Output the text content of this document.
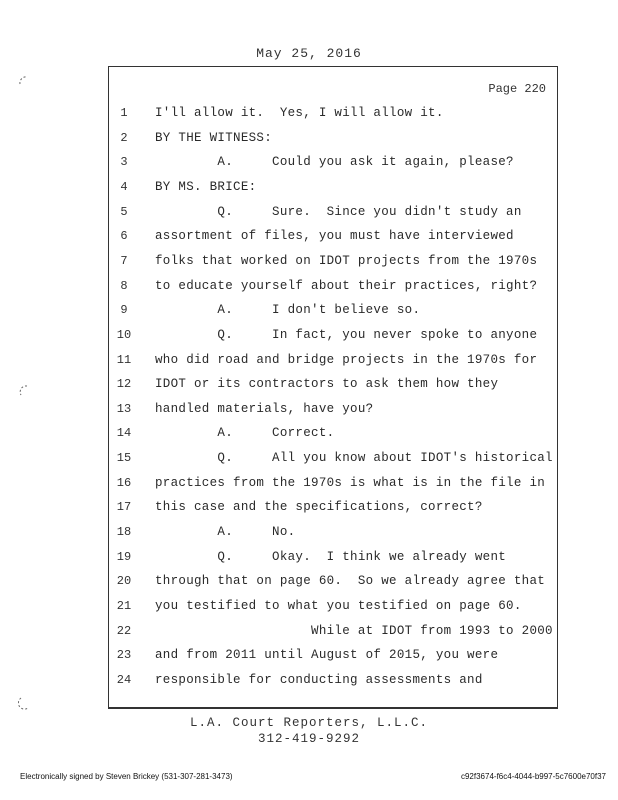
May 25, 2016
Page 220
1	I'll allow it.  Yes, I will allow it.
2	BY THE WITNESS:
3	A.     Could you ask it again, please?
4	BY MS. BRICE:
5	Q.     Sure.  Since you didn't study an
6	assortment of files, you must have interviewed
7	folks that worked on IDOT projects from the 1970s
8	to educate yourself about their practices, right?
9	A.     I don't believe so.
10	Q.     In fact, you never spoke to anyone
11	who did road and bridge projects in the 1970s for
12	IDOT or its contractors to ask them how they
13	handled materials, have you?
14	A.     Correct.
15	Q.     All you know about IDOT's historical
16	practices from the 1970s is what is in the file in
17	this case and the specifications, correct?
18	A.     No.
19	Q.     Okay.  I think we already went
20	through that on page 60.  So we already agree that
21	you testified to what you testified on page 60.
22	While at IDOT from 1993 to 2000
23	and from 2011 until August of 2015, you were
24	responsible for conducting assessments and
L.A. Court Reporters, L.L.C.
312-419-9292
Electronically signed by Steven Brickey (531-307-281-3473)	c92f3674-f6c4-4044-b997-5c7600e70f37
